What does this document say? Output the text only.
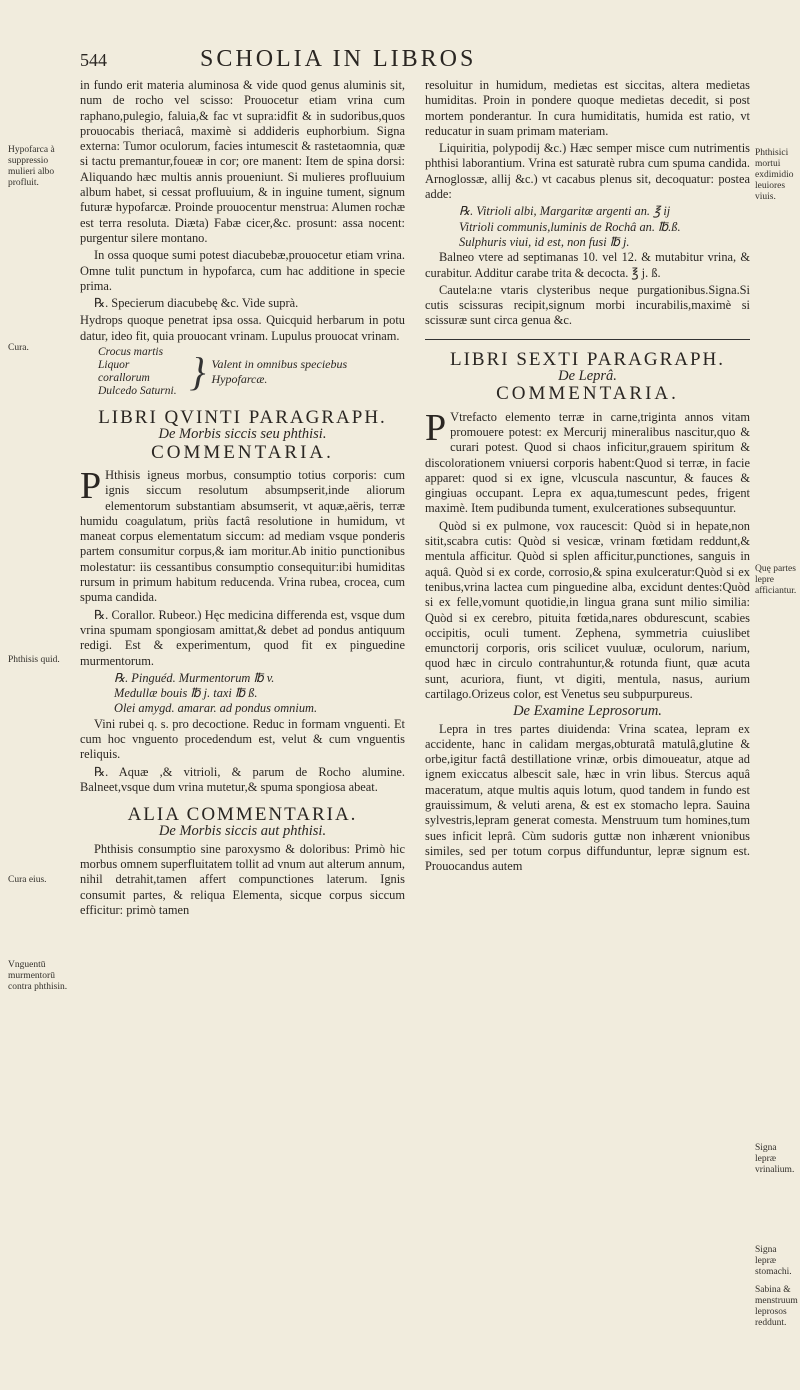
544	SCHOLIA IN LIBROS

in fundo erit materia aluminosa & vide quod genus aluminis sit, num de rocho vel scisso: Prouocetur etiam vrina cum raphano,pulegio, faluia,& fac vt supra:idfit & in sudoribus,quos prouocabis theriacâ, maximè si addideris euphorbium. Signa externa: Tumor oculorum, facies intumescit & rastetaomnia, quæ si tactu premantur,foueæ in cor; ore manent: Item de spina dorsi: Aliquando hæc multis annis proueniunt. Si mulieres profluuium album habet, si cessat profluuium, & in inguine tument, signum futuræ hypofarcæ. Proinde prouocentur menstrua: Alumen rochæ est terra resoluta. Diæta) Fabæ cicer,&c. prosunt: assa nocent: purgentur silere montano.

In ossa quoque sumi potest diacubebæ,prouocetur etiam vrina. Omne tulit punctum in hypofarca, cum hac additione in specie prima.

℞. Specierum diacubebę &c. Vide suprà.

Hydrops quoque penetrat ipsa ossa. Quicquid herbarum in potu datur, ideo fit, quia prouocant vrinam. Lupulus prouocat vrinam.

Crocus martis
Liquor corallorum
Dulcedo Saturni. } Valent in omnibus speciebus Hypofarcæ.
LIBRI QVINTI PARAGRAPH.
De Morbis siccis seu phthisi.
COMMENTARIA.

P Hthisis igneus morbus, consumptio totius corporis: cum ignis siccum resolutum absumpserit,inde aliorum elementorum substantiam absumserit, vt aquæ,aëris, terræ humidu coagulatum, priùs factâ resolutione in humidum, vt maneat corpus elementatum siccum: ad mediam vsque ponderis partem consumitur corpus,& iam moritur.Ab initio punctionibus molestatur: iis cessantibus consumptio consequitur:ibi humiditas rursum in primum habitum reducenda. Vrina rubea, crocea, cum spuma candida.

℞. Corallor. Rubeor.) Hęc medicina differenda est, vsque dum vrina spumam spongiosam amittat,& debet ad pondus antiquum redigi. Est & experimentum, quod fit ex pinguedine murmentorum.

℞. Pinguéd. Murmentorum ℔ v.
Medullæ bouis ℔ j. taxi ℔ ß.
Olei amygd. amarar. ad pondus omnium.

Vini rubei q. s. pro decoctione. Reduc in formam vnguenti. Et cum hoc vnguento procedendum est, velut & cum vnguentis reliquis.

℞. Aquæ ,& vitrioli, & parum de Rocho alumine. Balneet,vsque dum vrina mutetur,& spuma spongiosa abeat.

ALIA COMMENTARIA.
De Morbis siccis aut phthisi.

Phthisis consumptio sine paroxysmo & doloribus: Primò hic morbus omnem superfluitatem tollit ad vnum aut alterum annum, nihil detrahit,tamen affert compunctiones laterum. Ignis consumit partes, & reliqua Elementa, sicque corpus siccum efficitur: primò tamen

resoluitur in humidum, medietas est siccitas, altera medietas humiditas. Proin in pondere quoque medietas decedit, si post mortem ponderantur. In cura humiditatis, humida est ratio, vt reducatur in suam primam materiam.

Liquiritia, polypodij &c.) Hæc semper misce cum nutrimentis phthisi laborantium. Vrina est saturatè rubra cum spuma candida. Arnoglossæ, allij &c.) vt cacabus plenus sit, decoquatur: postea adde:

℞. Vitrioli albi, Margaritæ argenti an. ℥ ij
Vitrioli communis,luminis de Rochâ an. ℔.ß.
Sulphuris viui, id est, non fusi ℔ j.

Balneo vtere ad septimanas 10. vel 12. & mutabitur vrina, & curabitur. Additur carabe trita & decocta. ℥ j. ß.

Cautela:ne vtaris clysteribus neque purgationibus.Signa.Si cutis scissuras recipit,signum morbi incurabilis,maximè si scissuræ sunt circa genua &c.

LIBRI SEXTI PARAGRAPH.
De Leprâ.
COMMENTARIA.

P Vtrefacto elemento terræ in carne,triginta annos vitam promouere potest: ex Mercurij mineralibus nascitur,quo & curari potest. Quod si chaos inficitur,grauem spiritum & discolorationem vniuersi corporis habent:Quod si terræ, in facie apparet: quod si ex igne, vlcuscula nascuntur, & fauces & gingiuas occupant. Lepra ex aqua,tumescunt pedes, frigent maximè. Item pudibunda tument, exulcerationes subsequuntur.

Quòd si ex pulmone, vox raucescit: Quòd si in hepate,non sitit,scabra cutis: Quòd si vesicæ, vrinam fœtidam reddunt,& mentula afficitur. Quòd si splen afficitur,punctiones, sanguis in aquâ. Quòd si ex corde, corrosio,& spina exulceratur:Quòd si ex tenibus,vrina lactea cum pinguedine alba, excidunt dentes:Quòd si ex felle,vomunt quotidie,in lingua grana sunt milio similia: Quòd si ex cerebro, pituita fœtida,nares obdurescunt, scabies occipitis, oculi tument. Zephena, symmetria cuiuslibet emunctorij corporis, oris scilicet vuuluæ, oculorum, narium, quod hæc in circulo contrahuntur,& rotunda fiunt, quæ acuta sunt, acuriora, fiunt, vt digiti, mentula, nasus, aurium cartilago.Orizeus color, est Venetus seu subpurpureus.

De Examine Leprosorum.

Lepra in tres partes diuidenda: Vrina scatea, lepram ex accidente, hanc in calidam mergas,obturatâ matulâ,glutine & orbe,igitur factâ destillatione vrinæ, orbis dimoueatur, atque ad ignem exiccatus albescit sale, hæc in vrin libus. Stercus aquâ maceratum, atque multis aquis lotum, quod tandem in fundo est grauissimum, & veluti arena, & est ex stomacho lepra. Sauina sylvestris,lepram generat comesta. Menstruum tum homines,tum sues inficit leprâ. Cùm sudoris guttæ non inhærent vnionibus similes, sed per totum corpus diffunduntur, lepræ signum est. Prouocandus autem

Hypofarca à suppressio mulieri albo profluit.
Cura.
Phthisis quid.
Cura eius.
Vnguentū murmentorū contra phthisin.
Phthisici mortui exdimidio leuiores viuis.
Quę partes lepre afficiantur.
Signa lepræ vrinalium.
Signa lepræ stomachi.
Sabina & menstruum leprosos reddunt.
